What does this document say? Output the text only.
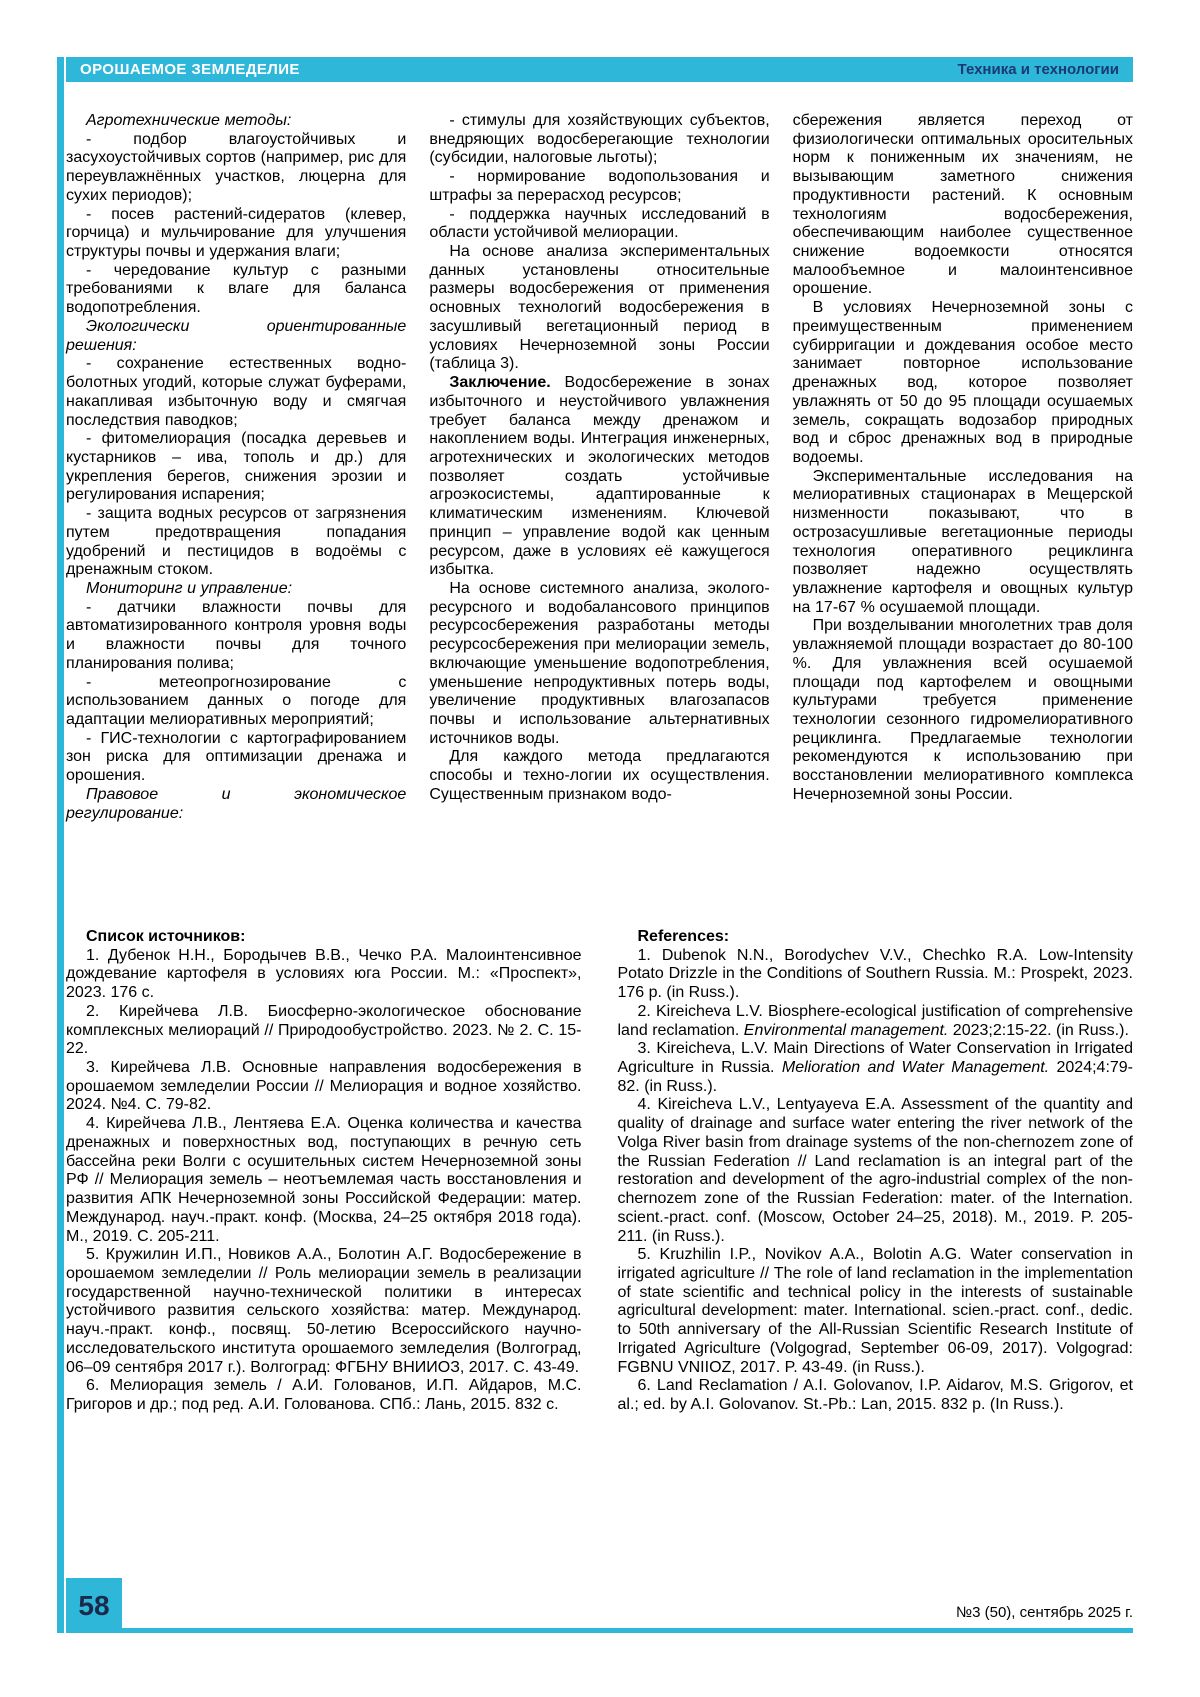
ОРОШАЕМОЕ ЗЕМЛЕДЕЛИЕ	Техника и технологии

Агротехнические методы:

- подбор влагоустойчивых и засухоустойчивых сортов (например, рис для переувлажнённых участков, люцерна для сухих периодов);

- посев растений-сидератов (клевер, горчица) и мульчирование для улучшения структуры почвы и удержания влаги;

- чередование культур с разными требованиями к влаге для баланса водопотребления.

Экологически ориентированные решения:

- сохранение естественных водно-болотных угодий, которые служат буферами, накапливая избыточную воду и смягчая последствия паводков;

- фитомелиорация (посадка деревьев и кустарников – ива, тополь и др.) для укрепления берегов, снижения эрозии и регулирования испарения;

- защита водных ресурсов от загрязнения путем предотвращения попадания удобрений и пестицидов в водоёмы с дренажным стоком.

Мониторинг и управление:

- датчики влажности почвы для автоматизированного контроля уровня воды и влажности почвы для точного планирования полива;

- метеопрогнозирование с использованием данных о погоде для адаптации мелиоративных мероприятий;

- ГИС-технологии с картографированием зон риска для оптимизации дренажа и орошения.

Правовое и экономическое регулирование:

- стимулы для хозяйствующих субъектов, внедряющих водосберегающие технологии (субсидии, налоговые льготы);

- нормирование водопользования и штрафы за перерасход ресурсов;

- поддержка научных исследований в области устойчивой мелиорации.

На основе анализа экспериментальных данных установлены относительные размеры водосбережения от применения основных технологий водосбережения в засушливый вегетационный период в условиях Нечерноземной зоны России (таблица 3).

Заключение. Водосбережение в зонах избыточного и неустойчивого увлажнения требует баланса между дренажом и накоплением воды. Интеграция инженерных, агротехнических и экологических методов позволяет создать устойчивые агроэкосистемы, адаптированные к климатическим изменениям. Ключевой принцип – управление водой как ценным ресурсом, даже в условиях её кажущегося избытка.

На основе системного анализа, эколого-ресурсного и водобалансового принципов ресурсосбережения разработаны методы ресурсосбережения при мелиорации земель, включающие уменьшение водопотребления, уменьшение непродуктивных потерь воды, увеличение продуктивных влагозапасов почвы и использование альтернативных источников воды.

Для каждого метода предлагаются способы и техно-логии их осуществления. Существенным признаком водо-

сбережения является переход от физиологически оптимальных оросительных норм к пониженным их значениям, не вызывающим заметного снижения продуктивности растений. К основным технологиям водосбережения, обеспечивающим наиболее существенное снижение водоемкости относятся малообъемное и малоинтенсивное орошение.

В условиях Нечерноземной зоны с преимущественным применением субирригации и дождевания особое место занимает повторное использование дренажных вод, которое позволяет увлажнять от 50 до 95 площади осушаемых земель, сокращать водозабор природных вод и сброс дренажных вод в природные водоемы.

Экспериментальные исследования на мелиоративных стационарах в Мещерской низменности показывают, что в острозасушливые вегетационные периоды технология оперативного рециклинга позволяет надежно осуществлять увлажнение картофеля и овощных культур на 17-67 % осушаемой площади.

При возделывании многолетних трав доля увлажняемой площади возрастает до 80-100 %. Для увлажнения всей осушаемой площади под картофелем и овощными культурами требуется применение технологии сезонного гидромелиоративного рециклинга. Предлагаемые технологии рекомендуются к использованию при восстановлении мелиоративного комплекса Нечерноземной зоны России.

Список источников:

1. Дубенок Н.Н., Бородычев В.В., Чечко Р.А. Малоинтенсивное дождевание картофеля в условиях юга России. М.: «Проспект», 2023. 176 с.

2. Кирейчева Л.В. Биосферно-экологическое обоснование комплексных мелиораций // Природообустройство. 2023. № 2. С. 15-22.

3. Кирейчева Л.В. Основные направления водосбережения в орошаемом земледелии России // Мелиорация и водное хозяйство. 2024. №4. С. 79-82.

4. Кирейчева Л.В., Лентяева Е.А. Оценка количества и качества дренажных и поверхностных вод, поступающих в речную сеть бассейна реки Волги с осушительных систем Нечерноземной зоны РФ // Мелиорация земель – неотъемлемая часть восстановления и развития АПК Нечерноземной зоны Российской Федерации: матер. Международ. науч.-практ. конф. (Москва, 24–25 октября 2018 года). М., 2019. С. 205-211.

5. Кружилин И.П., Новиков А.А., Болотин А.Г. Водосбережение в орошаемом земледелии // Роль мелиорации земель в реализации государственной научно-технической политики в интересах устойчивого развития сельского хозяйства: матер. Международ. науч.-практ. конф., посвящ. 50-летию Всероссийского научно-исследовательского института орошаемого земледелия (Волгоград, 06–09 сентября 2017 г.). Волгоград: ФГБНУ ВНИИОЗ, 2017. С. 43-49.

6. Мелиорация земель / А.И. Голованов, И.П. Айдаров, М.С. Григоров и др.; под ред. А.И. Голованова. СПб.: Лань, 2015. 832 с.

References:

1. Dubenok N.N., Borodychev V.V., Chechko R.A. Low-Intensity Potato Drizzle in the Conditions of Southern Russia. M.: Prospekt, 2023. 176 p. (in Russ.).

2. Kireicheva L.V. Biosphere-ecological justification of comprehensive land reclamation. Environmental management. 2023;2:15-22. (in Russ.).

3. Kireicheva, L.V. Main Directions of Water Conservation in Irrigated Agriculture in Russia. Melioration and Water Management. 2024;4:79-82. (in Russ.).

4. Kireicheva L.V., Lentyayeva E.A. Assessment of the quantity and quality of drainage and surface water entering the river network of the Volga River basin from drainage systems of the non-chernozem zone of the Russian Federation // Land reclamation is an integral part of the restoration and development of the agro-industrial complex of the non-chernozem zone of the Russian Federation: mater. of the Internation. scient.-pract. conf. (Moscow, October 24–25, 2018). M., 2019. P. 205-211. (in Russ.).

5. Kruzhilin I.P., Novikov A.A., Bolotin A.G. Water conservation in irrigated agriculture // The role of land reclamation in the implementation of state scientific and technical policy in the interests of sustainable agricultural development: mater. International. scien.-pract. conf., dedic. to 50th anniversary of the All-Russian Scientific Research Institute of Irrigated Agriculture (Volgograd, September 06-09, 2017). Volgograd: FGBNU VNIIOZ, 2017. P. 43-49. (in Russ.).

6. Land Reclamation / A.I. Golovanov, I.P. Aidarov, M.S. Grigorov, et al.; ed. by A.I. Golovanov. St.-Pb.: Lan, 2015. 832 p. (In Russ.).

58	№3 (50), сентябрь 2025 г.
